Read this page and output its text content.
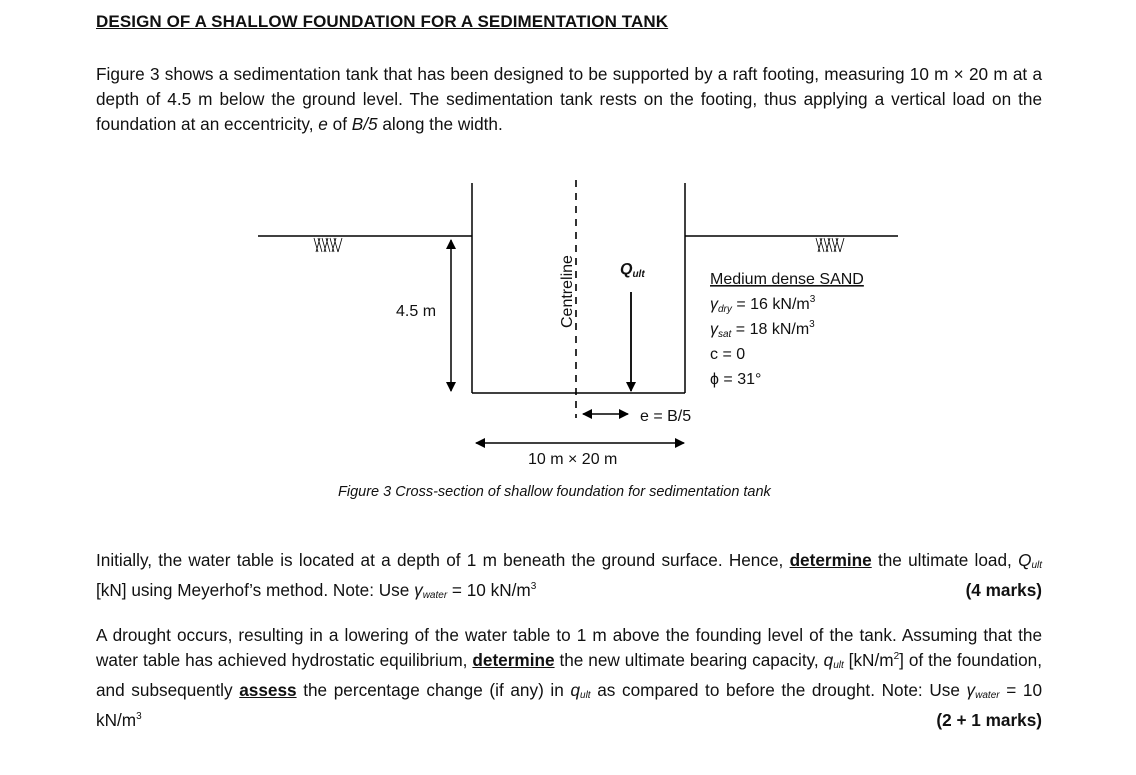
DESIGN OF A SHALLOW FOUNDATION FOR A SEDIMENTATION TANK
Figure 3 shows a sedimentation tank that has been designed to be supported by a raft footing, measuring 10 m × 20 m at a depth of 4.5 m below the ground level. The sedimentation tank rests on the footing, thus applying a vertical load on the foundation at an eccentricity, e of B/5 along the width.
Centreline
4.5 m
Qult
e = B/5
10 m × 20 m
Medium dense SAND
γdry = 16 $kN/m^3$
γsat = 18 $kN/m^3$
c = 0
ϕ = 31°
Figure 3 Cross-section of shallow foundation for sedimentation tank
Initially, the water table is located at a depth of 1 m beneath the ground surface. Hence, determine the ultimate load, $Q_{ult}$ [kN] using Meyerhof’s method. Note: Use $\gamma_{water} = 10$ $kN/m^3$	(4 marks)
A drought occurs, resulting in a lowering of the water table to 1 m above the founding level of the tank. Assuming that the water table has achieved hydrostatic equilibrium, determine the new ultimate bearing capacity, $q_{ult}$ $[kN/m^2]$ of the foundation, and subsequently assess the percentage change (if any) in $q_{ult}$ as compared to before the drought. Note: Use $\gamma_{water} = 10$ $kN/m^3$	(2 + 1 marks)
